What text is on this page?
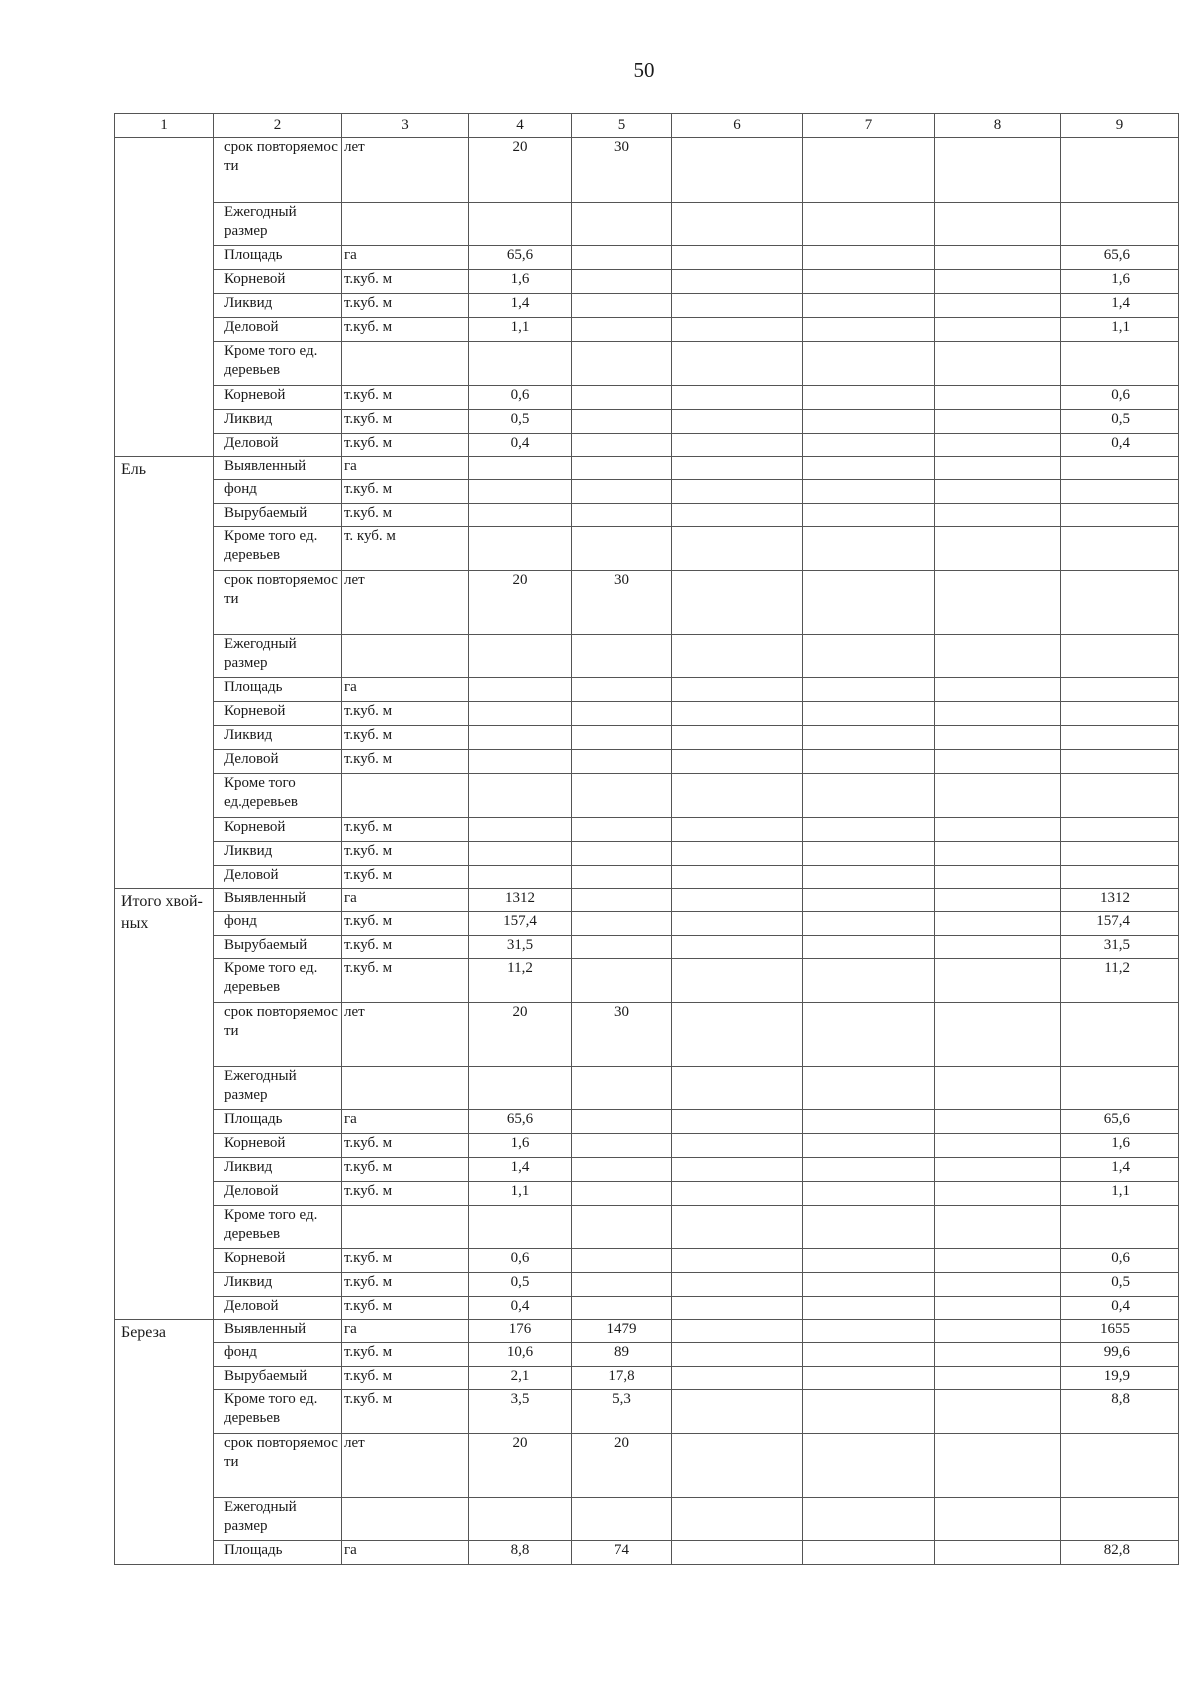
50
1	2	3	4	5	6	7	8	9
	срок повторяемос ти	лет	20	30				
	Ежегодный размер							
	Площадь	га	65,6					65,6
	Корневой	т.куб. м	1,6					1,6
	Ликвид	т.куб. м	1,4					1,4
	Деловой	т.куб. м	1,1					1,1
	Кроме того ед. деревьев							
	Корневой	т.куб. м	0,6					0,6
	Ликвид	т.куб. м	0,5					0,5
	Деловой	т.куб. м	0,4					0,4
Ель	Выявленный	га						
	фонд	т.куб. м						
	Вырубаемый	т.куб. м						
	Кроме того ед. деревьев	т. куб. м						
	срок повторяемос ти	лет	20	30				
	Ежегодный размер							
	Площадь	га						
	Корневой	т.куб. м						
	Ликвид	т.куб. м						
	Деловой	т.куб. м						
	Кроме того ед.деревьев							
	Корневой	т.куб. м						
	Ликвид	т.куб. м						
	Деловой	т.куб. м						
Итого хвой- ных	Выявленный	га	1312					1312
	фонд	т.куб. м	157,4					157,4
	Вырубаемый	т.куб. м	31,5					31,5
	Кроме того ед. деревьев	т.куб. м	11,2					11,2
	срок повторяемос ти	лет	20	30				
	Ежегодный размер							
	Площадь	га	65,6					65,6
	Корневой	т.куб. м	1,6					1,6
	Ликвид	т.куб. м	1,4					1,4
	Деловой	т.куб. м	1,1					1,1
	Кроме того ед. деревьев							
	Корневой	т.куб. м	0,6					0,6
	Ликвид	т.куб. м	0,5					0,5
	Деловой	т.куб. м	0,4					0,4
Береза	Выявленный	га	176	1479				1655
	фонд	т.куб. м	10,6	89				99,6
	Вырубаемый	т.куб. м	2,1	17,8				19,9
	Кроме того ед. деревьев	т.куб. м	3,5	5,3				8,8
	срок повторяемос ти	лет	20	20				
	Ежегодный размер							
	Площадь	га	8,8	74				82,8
